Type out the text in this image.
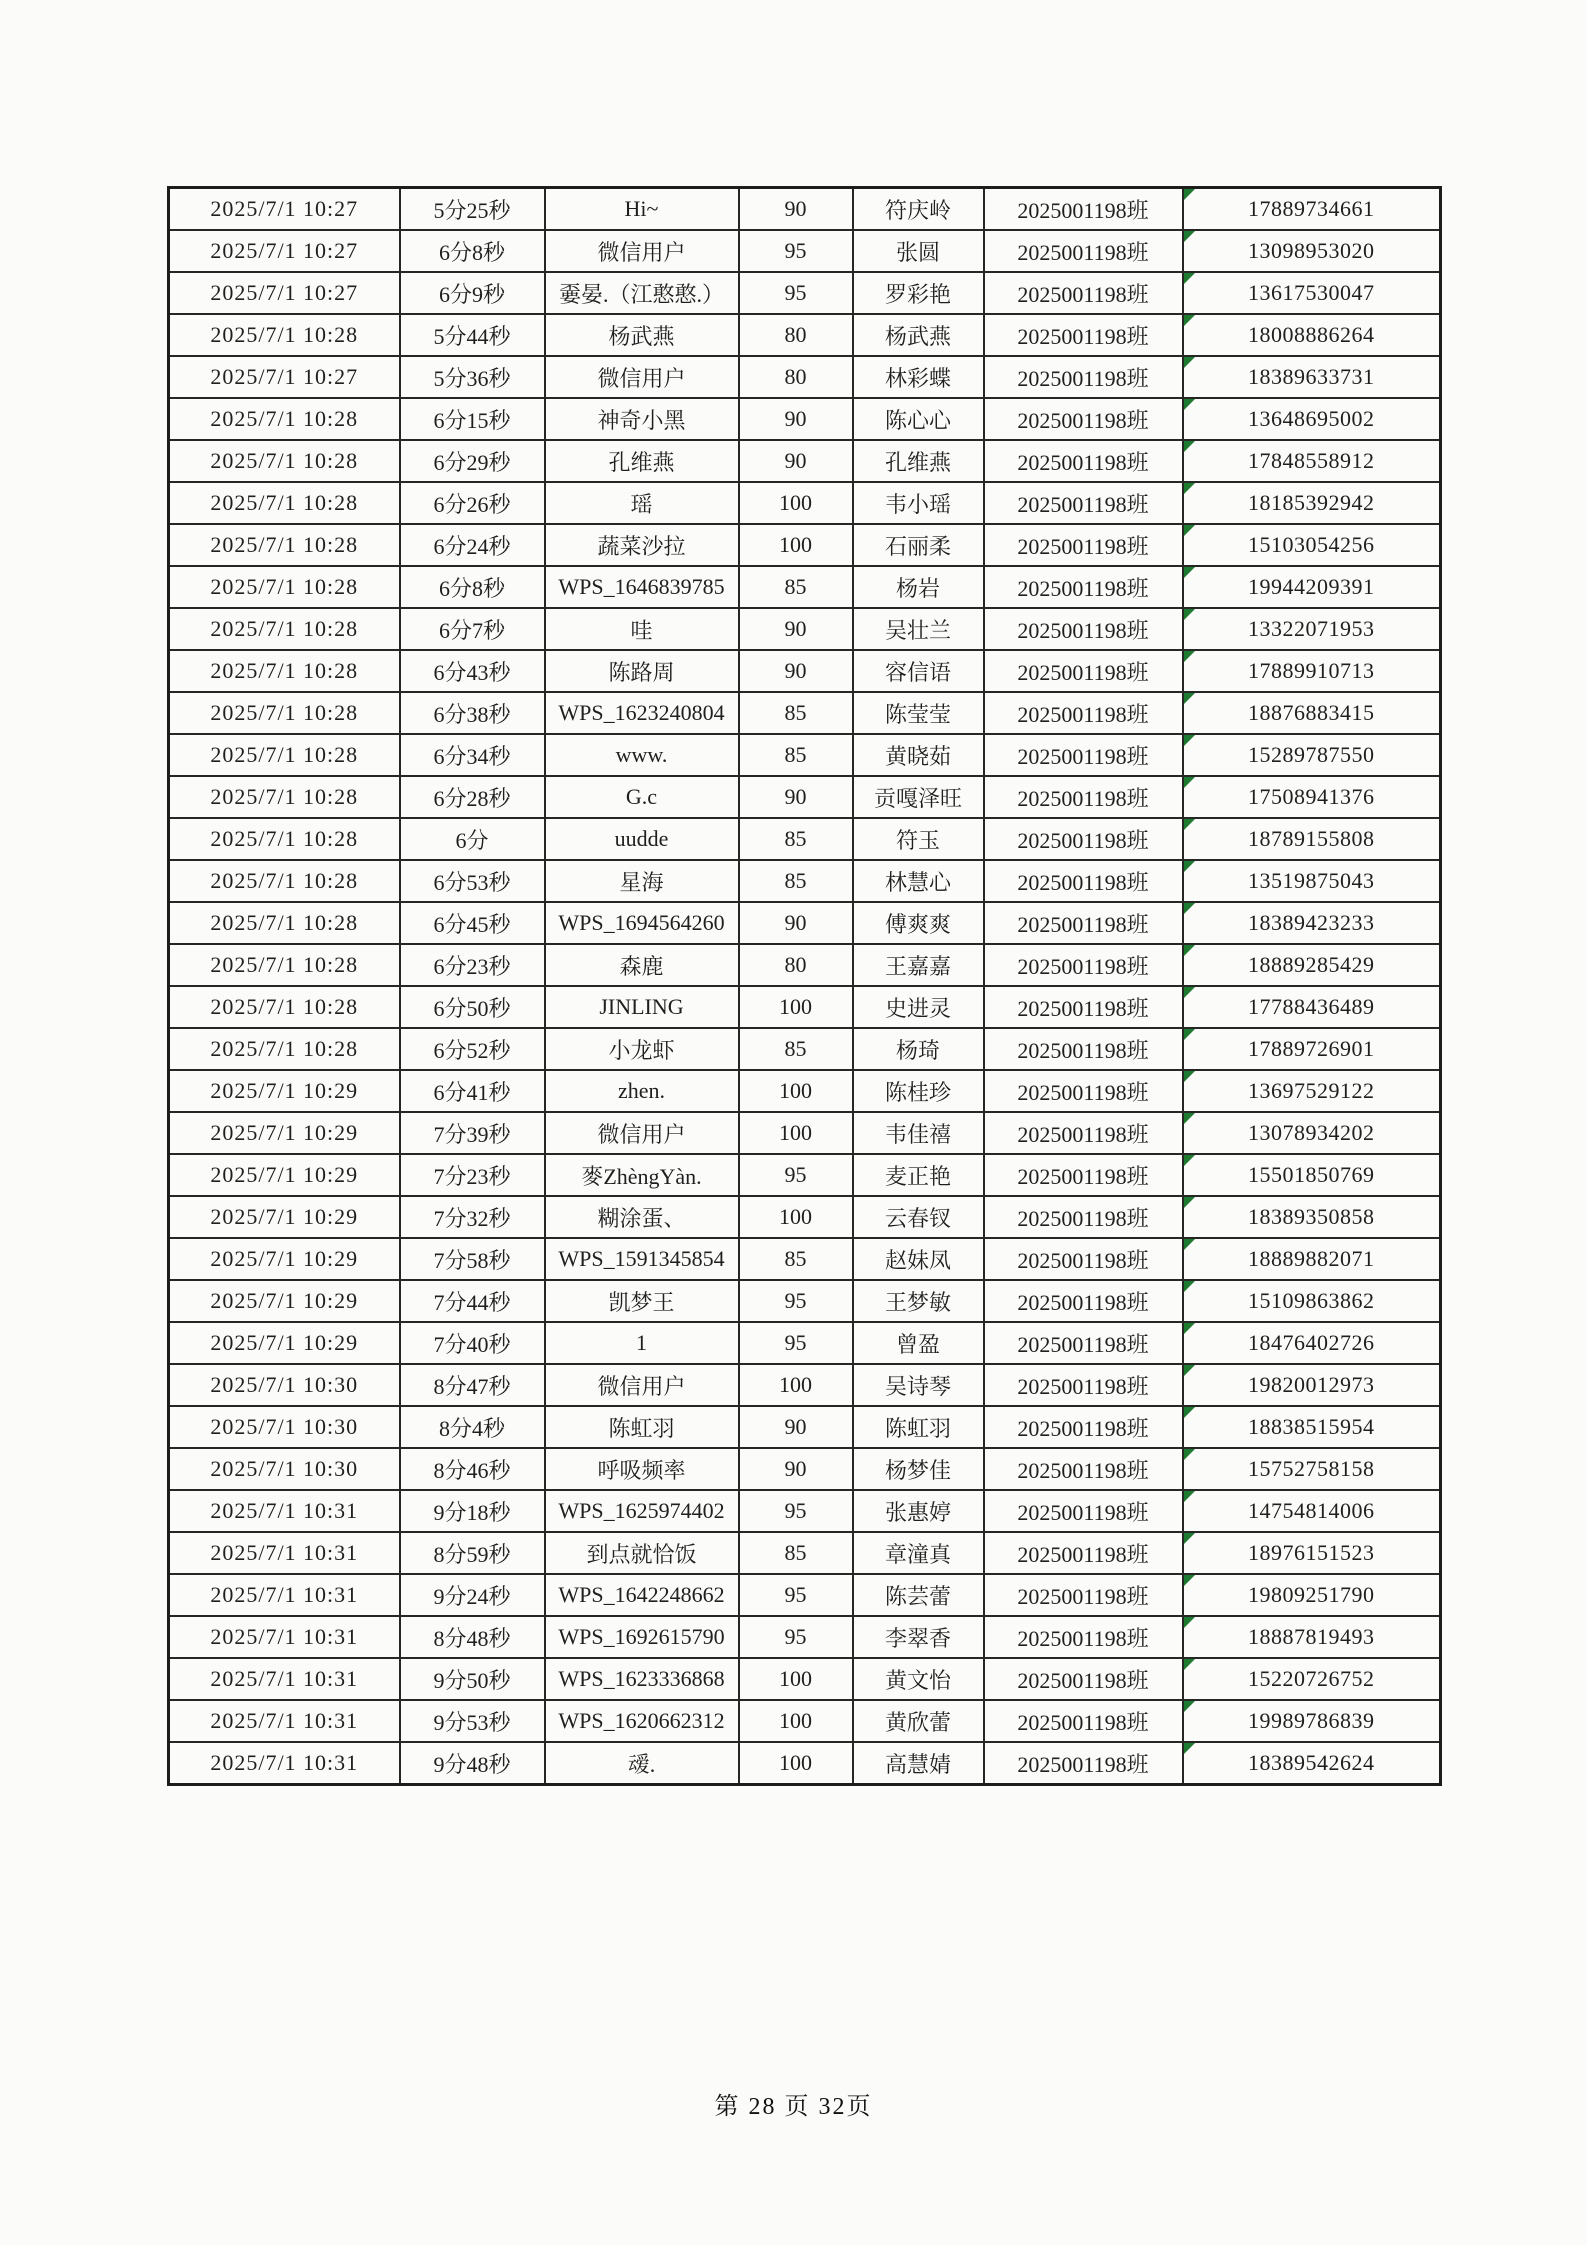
2025/7/1 10:27	5分25秒	Hi~	90	符庆岭	2025001198班	17889734661
2025/7/1 10:27	6分8秒	微信用户	95	张圆	2025001198班	13098953020
2025/7/1 10:27	6分9秒	嫑晏.（江憨憨.）	95	罗彩艳	2025001198班	13617530047
2025/7/1 10:28	5分44秒	杨武燕	80	杨武燕	2025001198班	18008886264
2025/7/1 10:27	5分36秒	微信用户	80	林彩蝶	2025001198班	18389633731
2025/7/1 10:28	6分15秒	神奇小黑	90	陈心心	2025001198班	13648695002
2025/7/1 10:28	6分29秒	孔维燕	90	孔维燕	2025001198班	17848558912
2025/7/1 10:28	6分26秒	瑶	100	韦小瑶	2025001198班	18185392942
2025/7/1 10:28	6分24秒	蔬菜沙拉	100	石丽柔	2025001198班	15103054256
2025/7/1 10:28	6分8秒	WPS_1646839785	85	杨岩	2025001198班	19944209391
2025/7/1 10:28	6分7秒	哇	90	吴壮兰	2025001198班	13322071953
2025/7/1 10:28	6分43秒	陈路周	90	容信语	2025001198班	17889910713
2025/7/1 10:28	6分38秒	WPS_1623240804	85	陈莹莹	2025001198班	18876883415
2025/7/1 10:28	6分34秒	www.	85	黄晓茹	2025001198班	15289787550
2025/7/1 10:28	6分28秒	G.c	90	贡嘎泽旺	2025001198班	17508941376
2025/7/1 10:28	6分	uudde	85	符玉	2025001198班	18789155808
2025/7/1 10:28	6分53秒	星海	85	林慧心	2025001198班	13519875043
2025/7/1 10:28	6分45秒	WPS_1694564260	90	傅爽爽	2025001198班	18389423233
2025/7/1 10:28	6分23秒	森鹿	80	王嘉嘉	2025001198班	18889285429
2025/7/1 10:28	6分50秒	JINLING	100	史进灵	2025001198班	17788436489
2025/7/1 10:28	6分52秒	小龙虾	85	杨琦	2025001198班	17889726901
2025/7/1 10:29	6分41秒	zhen.	100	陈桂珍	2025001198班	13697529122
2025/7/1 10:29	7分39秒	微信用户	100	韦佳禧	2025001198班	13078934202
2025/7/1 10:29	7分23秒	麥ZhèngYàn.	95	麦正艳	2025001198班	15501850769
2025/7/1 10:29	7分32秒	糊涂蛋、	100	云春钗	2025001198班	18389350858
2025/7/1 10:29	7分58秒	WPS_1591345854	85	赵妹凤	2025001198班	18889882071
2025/7/1 10:29	7分44秒	凯梦王	95	王梦敏	2025001198班	15109863862
2025/7/1 10:29	7分40秒	1	95	曾盈	2025001198班	18476402726
2025/7/1 10:30	8分47秒	微信用户	100	吴诗琴	2025001198班	19820012973
2025/7/1 10:30	8分4秒	陈虹羽	90	陈虹羽	2025001198班	18838515954
2025/7/1 10:30	8分46秒	呼吸频率	90	杨梦佳	2025001198班	15752758158
2025/7/1 10:31	9分18秒	WPS_1625974402	95	张惠婷	2025001198班	14754814006
2025/7/1 10:31	8分59秒	到点就恰饭	85	章潼真	2025001198班	18976151523
2025/7/1 10:31	9分24秒	WPS_1642248662	95	陈芸蕾	2025001198班	19809251790
2025/7/1 10:31	8分48秒	WPS_1692615790	95	李翠香	2025001198班	18887819493
2025/7/1 10:31	9分50秒	WPS_1623336868	100	黄文怡	2025001198班	15220726752
2025/7/1 10:31	9分53秒	WPS_1620662312	100	黄欣蕾	2025001198班	19989786839
2025/7/1 10:31	9分48秒	叆.	100	高慧婧	2025001198班	18389542624
第 28 页 32页
